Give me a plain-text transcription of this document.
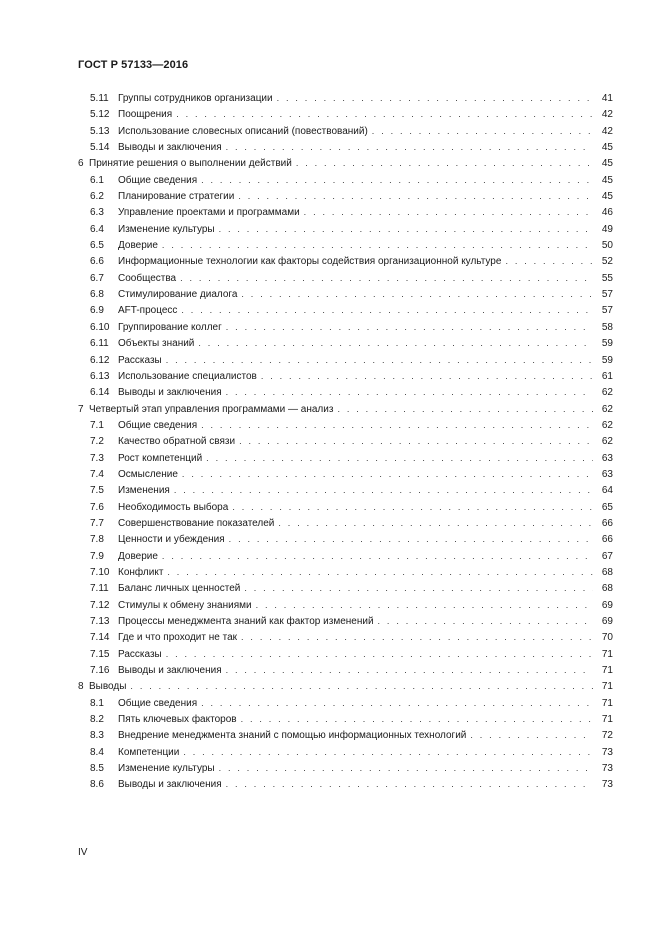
ГОСТ Р 57133—2016
5.11 Группы сотрудников организации . . .	41
5.12 Поощрения . . .	42
5.13 Использование словесных описаний (повествований) . . .	42
5.14 Выводы и заключения . . .	45
6 Принятие решения о выполнении действий . . .	45
6.1	Общие сведения . . .	45
6.2	Планирование стратегии . . .	45
6.3	Управление проектами и программами . . .	46
6.4	Изменение культуры . . .	49
6.5	Доверие . . .	50
6.6	Информационные технологии как факторы содействия организационной культуре . . .	52
6.7	Сообщества . . .	55
6.8	Стимулирование диалога . . .	57
6.9	AFT-процесс . . .	57
6.10 Группирование коллег . . .	58
6.11 Объекты знаний . . .	59
6.12 Рассказы . . .	59
6.13 Использование специалистов . . .	61
6.14 Выводы и заключения . . .	62
7 Четвертый этап управления программами — анализ . . .	62
7.1	Общие сведения . . .	62
7.2	Качество обратной связи . . .	62
7.3	Рост компетенций . . .	63
7.4	Осмысление . . .	63
7.5	Изменения . . .	64
7.6	Необходимость выбора . . .	65
7.7	Совершенствование показателей . . .	66
7.8	Ценности и убеждения . . .	66
7.9	Доверие . . .	67
7.10 Конфликт . . .	68
7.11 Баланс личных ценностей . . .	68
7.12 Стимулы к обмену знаниями . . .	69
7.13 Процессы менеджмента знаний как фактор изменений . . .	69
7.14 Где и что проходит не так . . .	70
7.15 Рассказы . . .	71
7.16 Выводы и заключения . . .	71
8 Выводы . . .	71
8.1	Общие сведения . . .	71
8.2	Пять ключевых факторов . . .	71
8.3	Внедрение менеджмента знаний с помощью информационных технологий . . .	72
8.4	Компетенции . . .	73
8.5	Изменение культуры . . .	73
8.6	Выводы и заключения . . .	73
IV
